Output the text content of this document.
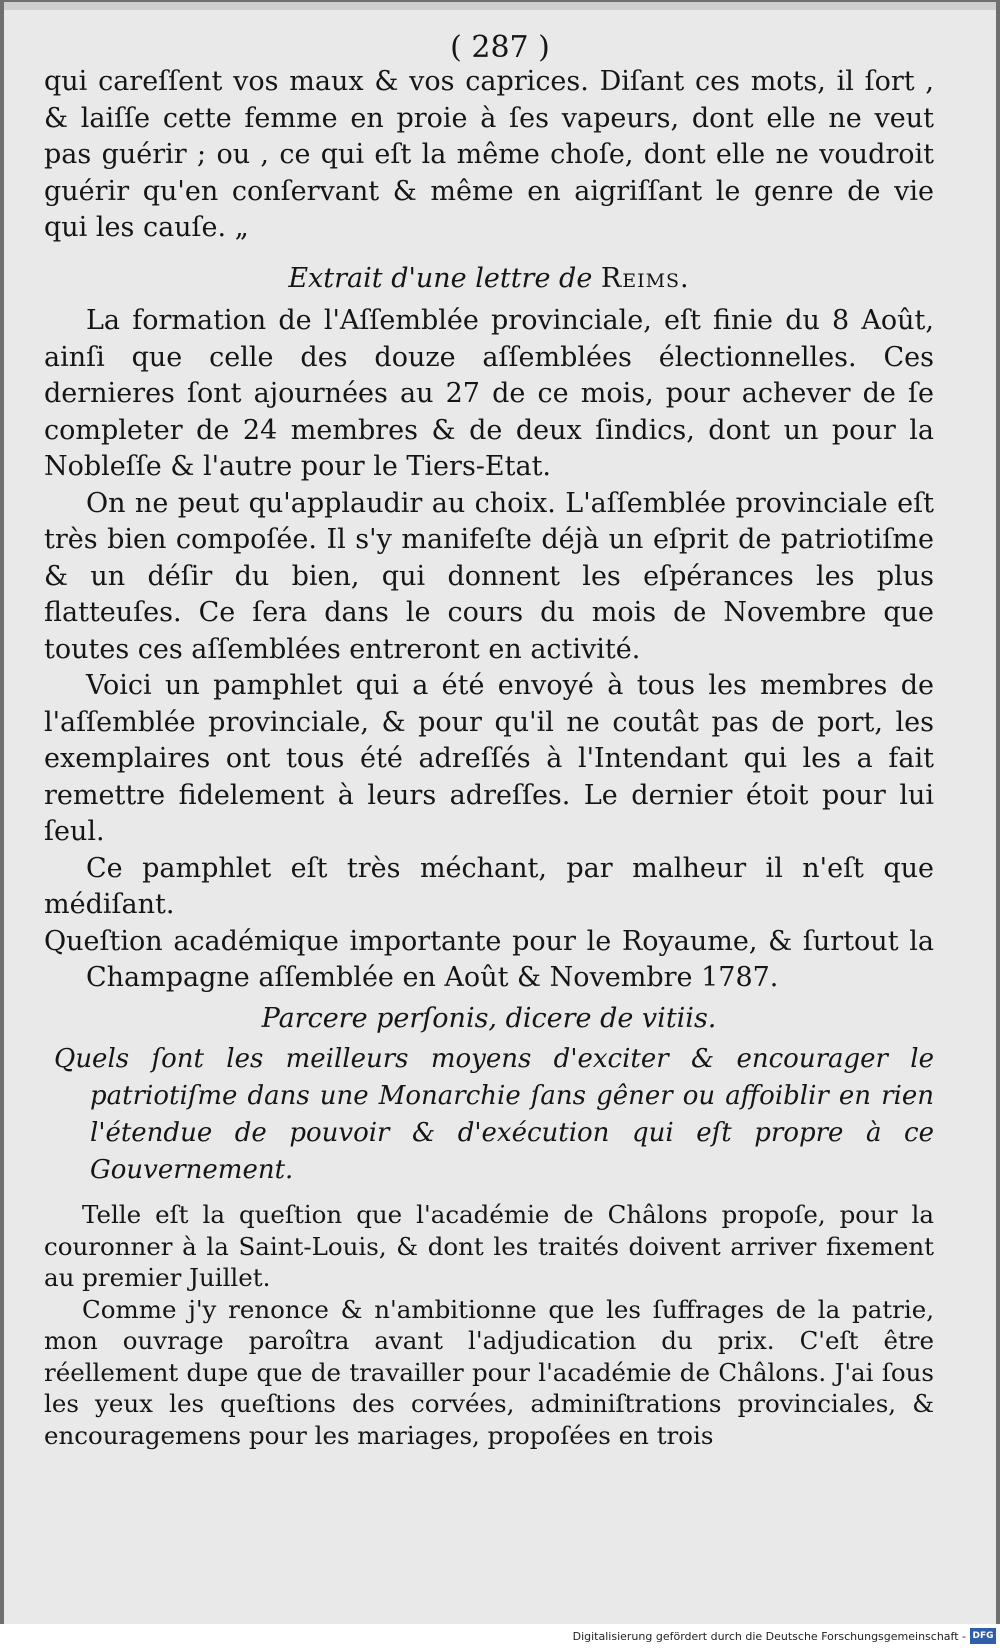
( 287 )

qui careſſent vos maux & vos caprices. Diſant ces mots, il ſort , & laiſſe cette femme en proie à ſes vapeurs, dont elle ne veut pas guérir ; ou , ce qui eſt la même choſe, dont elle ne voudroit guérir qu'en conſervant & même en aigriſſant le genre de vie qui les cauſe. „

Extrait d'une lettre de Reims.

La formation de l'Aſſemblée provinciale, eſt finie du 8 Août, ainſi que celle des douze aſſemblées électionnelles. Ces dernieres ſont ajournées au 27 de ce mois, pour achever de ſe completer de 24 membres & de deux ſindics, dont un pour la Nobleſſe & l'autre pour le Tiers-Etat.

On ne peut qu'applaudir au choix. L'aſſemblée provinciale eſt très bien compoſée. Il s'y manifeſte déjà un eſprit de patriotiſme & un déſir du bien, qui donnent les eſpérances les plus flatteuſes. Ce ſera dans le cours du mois de Novembre que toutes ces aſſemblées entreront en activité.

Voici un pamphlet qui a été envoyé à tous les membres de l'aſſemblée provinciale, & pour qu'il ne coutât pas de port, les exemplaires ont tous été adreſſés à l'Intendant qui les a fait remettre fidelement à leurs adreſſes. Le dernier étoit pour lui ſeul.

Ce pamphlet eſt très méchant, par malheur il n'eſt que médiſant.

Queſtion académique importante pour le Royaume, & ſurtout la Champagne aſſemblée en Août & Novembre 1787.

Parcere perſonis, dicere de vitiis.

Quels ſont les meilleurs moyens d'exciter & encourager le patriotiſme dans une Monarchie ſans gêner ou affoiblir en rien l'étendue de pouvoir & d'exécution qui eſt propre à ce Gouvernement.

Telle eſt la queſtion que l'académie de Châlons propoſe, pour la couronner à la Saint-Louis, & dont les traités doivent arriver fixement au premier Juillet.

Comme j'y renonce & n'ambitionne que les ſuffrages de la patrie, mon ouvrage paroîtra avant l'adjudication du prix. C'eſt être réellement dupe que de travailler pour l'académie de Châlons. J'ai ſous les yeux les queſtions des corvées, adminiſtrations provinciales, & encouragemens pour les mariages, propoſées en trois

Digitalisierung gefördert durch die Deutsche Forschungsgemeinschaft - DFG
